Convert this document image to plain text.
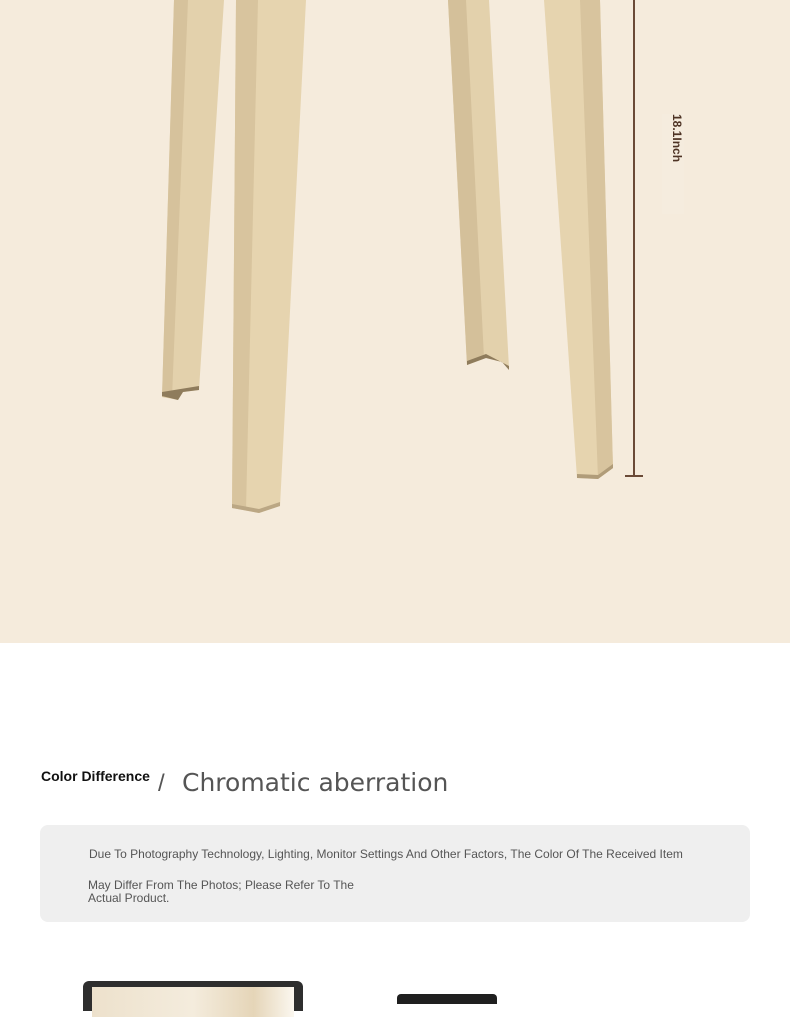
18.1Inch
Color Difference / Chromatic aberration
Due To Photography Technology, Lighting, Monitor Settings And Other Factors, The Color Of The Received Item
May Differ From The Photos; Please Refer To The Actual Product.
